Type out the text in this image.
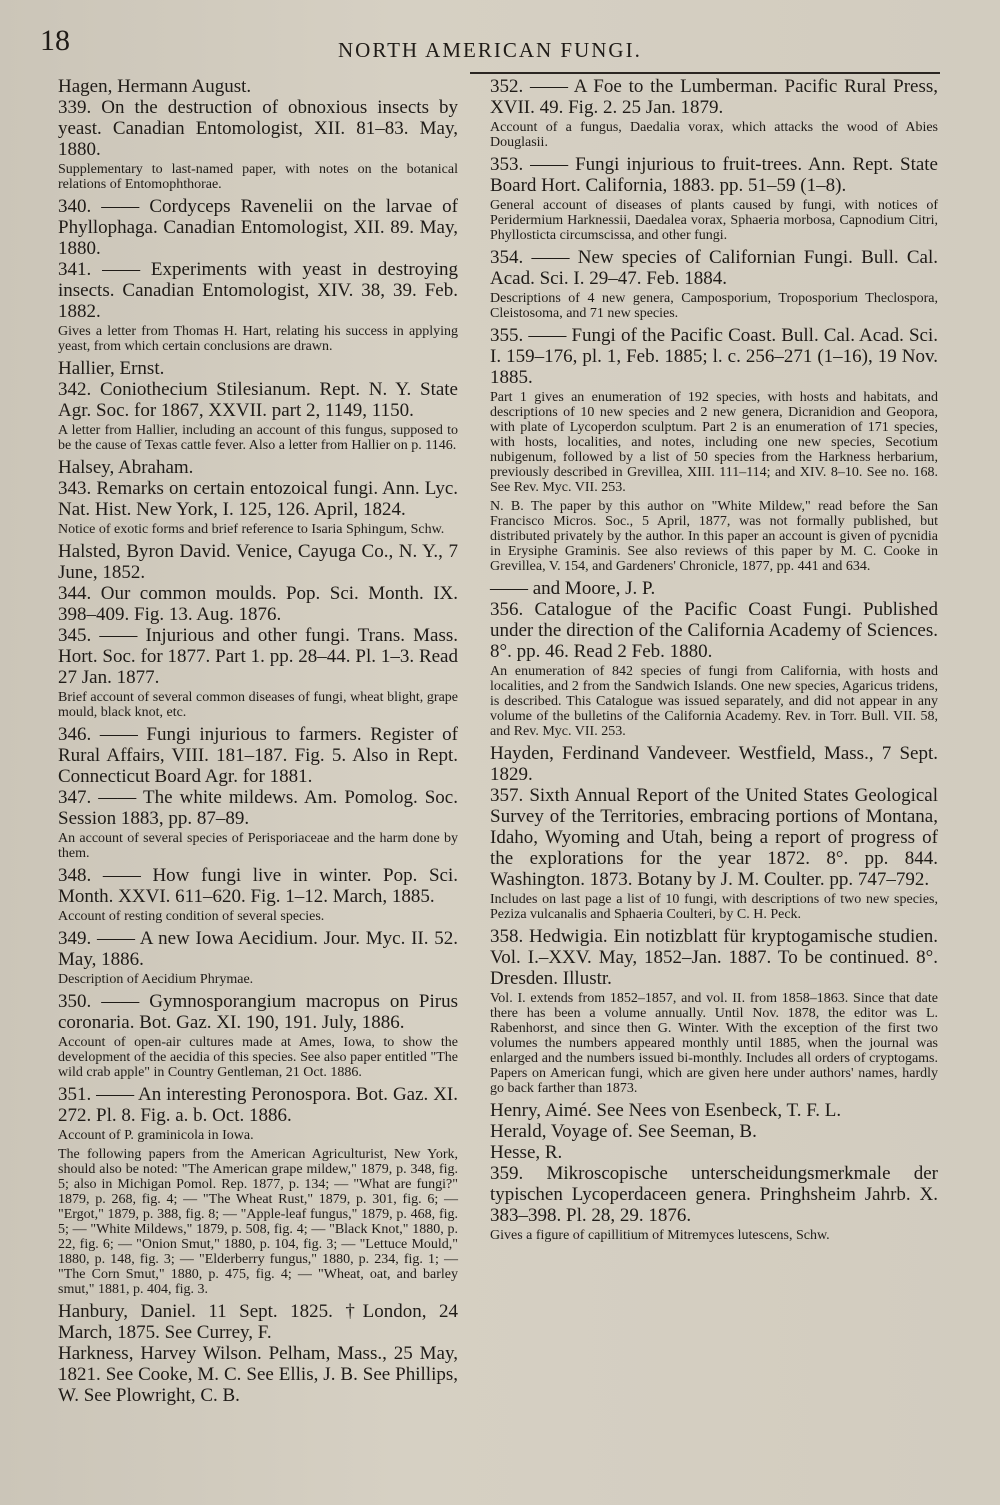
18	NORTH AMERICAN FUNGI.

Hagen, Hermann August.

339. On the destruction of obnoxious insects by yeast. Canadian Entomologist, XII. 81–83. May, 1880.

Supplementary to last-named paper, with notes on the botanical relations of Entomophthorae.

340. —— Cordyceps Ravenelii on the larvae of Phyllophaga. Canadian Entomologist, XII. 89. May, 1880.

341. —— Experiments with yeast in destroying insects. Canadian Entomologist, XIV. 38, 39. Feb. 1882.

Gives a letter from Thomas H. Hart, relating his success in applying yeast, from which certain conclusions are drawn.

Hallier, Ernst.

342. Coniothecium Stilesianum. Rept. N. Y. State Agr. Soc. for 1867, XXVII. part 2, 1149, 1150.

A letter from Hallier, including an account of this fungus, supposed to be the cause of Texas cattle fever. Also a letter from Hallier on p. 1146.

Halsey, Abraham.

343. Remarks on certain entozoical fungi. Ann. Lyc. Nat. Hist. New York, I. 125, 126. April, 1824.

Notice of exotic forms and brief reference to Isaria Sphingum, Schw.

Halsted, Byron David. Venice, Cayuga Co., N. Y., 7 June, 1852.

344. Our common moulds. Pop. Sci. Month. IX. 398–409. Fig. 13. Aug. 1876.

345. —— Injurious and other fungi. Trans. Mass. Hort. Soc. for 1877. Part 1. pp. 28–44. Pl. 1–3. Read 27 Jan. 1877.

Brief account of several common diseases of fungi, wheat blight, grape mould, black knot, etc.

346. —— Fungi injurious to farmers. Register of Rural Affairs, VIII. 181–187. Fig. 5. Also in Rept. Connecticut Board Agr. for 1881.

347. —— The white mildews. Am. Pomolog. Soc. Session 1883, pp. 87–89.

An account of several species of Perisporiaceae and the harm done by them.

348. —— How fungi live in winter. Pop. Sci. Month. XXVI. 611–620. Fig. 1–12. March, 1885.

Account of resting condition of several species.

349. —— A new Iowa Aecidium. Jour. Myc. II. 52. May, 1886.

Description of Aecidium Phrymae.

350. —— Gymnosporangium macropus on Pirus coronaria. Bot. Gaz. XI. 190, 191. July, 1886.

Account of open-air cultures made at Ames, Iowa, to show the development of the aecidia of this species. See also paper entitled "The wild crab apple" in Country Gentleman, 21 Oct. 1886.

351. —— An interesting Peronospora. Bot. Gaz. XI. 272. Pl. 8. Fig. a. b. Oct. 1886.

Account of P. graminicola in Iowa.

The following papers from the American Agriculturist, New York, should also be noted: "The American grape mildew," 1879, p. 348, fig. 5; also in Michigan Pomol. Rep. 1877, p. 134; — "What are fungi?" 1879, p. 268, fig. 4; — "The Wheat Rust," 1879, p. 301, fig. 6; — "Ergot," 1879, p. 388, fig. 8; — "Apple-leaf fungus," 1879, p. 468, fig. 5; — "White Mildews," 1879, p. 508, fig. 4; — "Black Knot," 1880, p. 22, fig. 6; — "Onion Smut," 1880, p. 104, fig. 3; — "Lettuce Mould," 1880, p. 148, fig. 3; — "Elderberry fungus," 1880, p. 234, fig. 1; — "The Corn Smut," 1880, p. 475, fig. 4; — "Wheat, oat, and barley smut," 1881, p. 404, fig. 3.

Hanbury, Daniel. 11 Sept. 1825. †London, 24 March, 1875. See Currey, F.

Harkness, Harvey Wilson. Pelham, Mass., 25 May, 1821. See Cooke, M. C. See Ellis, J. B. See Phillips, W. See Plowright, C. B.

352. —— A Foe to the Lumberman. Pacific Rural Press, XVII. 49. Fig. 2. 25 Jan. 1879.

Account of a fungus, Daedalia vorax, which attacks the wood of Abies Douglasii.

353. —— Fungi injurious to fruit-trees. Ann. Rept. State Board Hort. California, 1883. pp. 51–59 (1–8).

General account of diseases of plants caused by fungi, with notices of Peridermium Harknessii, Daedalea vorax, Sphaeria morbosa, Capnodium Citri, Phyllosticta circumscissa, and other fungi.

354. —— New species of Californian Fungi. Bull. Cal. Acad. Sci. I. 29–47. Feb. 1884.

Descriptions of 4 new genera, Camposporium, Troposporium Theclospora, Cleistosoma, and 71 new species.

355. —— Fungi of the Pacific Coast. Bull. Cal. Acad. Sci. I. 159–176, pl. 1, Feb. 1885; l. c. 256–271 (1–16), 19 Nov. 1885.

Part 1 gives an enumeration of 192 species, with hosts and habitats, and descriptions of 10 new species and 2 new genera, Dicranidion and Geopora, with plate of Lycoperdon sculptum. Part 2 is an enumeration of 171 species, with hosts, localities, and notes, including one new species, Secotium nubigenum, followed by a list of 50 species from the Harkness herbarium, previously described in Grevillea, XIII. 111–114; and XIV. 8–10. See no. 168. See Rev. Myc. VII. 253.

N. B. The paper by this author on "White Mildew," read before the San Francisco Micros. Soc., 5 April, 1877, was not formally published, but distributed privately by the author. In this paper an account is given of pycnidia in Erysiphe Graminis. See also reviews of this paper by M. C. Cooke in Grevillea, V. 154, and Gardeners' Chronicle, 1877, pp. 441 and 634.

—— and Moore, J. P.

356. Catalogue of the Pacific Coast Fungi. Published under the direction of the California Academy of Sciences. 8°. pp. 46. Read 2 Feb. 1880.

An enumeration of 842 species of fungi from California, with hosts and localities, and 2 from the Sandwich Islands. One new species, Agaricus tridens, is described. This Catalogue was issued separately, and did not appear in any volume of the bulletins of the California Academy. Rev. in Torr. Bull. VII. 58, and Rev. Myc. VII. 253.

Hayden, Ferdinand Vandeveer. Westfield, Mass., 7 Sept. 1829.

357. Sixth Annual Report of the United States Geological Survey of the Territories, embracing portions of Montana, Idaho, Wyoming and Utah, being a report of progress of the explorations for the year 1872. 8°. pp. 844. Washington. 1873. Botany by J. M. Coulter. pp. 747–792.

Includes on last page a list of 10 fungi, with descriptions of two new species, Peziza vulcanalis and Sphaeria Coulteri, by C. H. Peck.

358. Hedwigia. Ein notizblatt für kryptogamische studien. Vol. I.–XXV. May, 1852–Jan. 1887. To be continued. 8°. Dresden. Illustr.

Vol. I. extends from 1852–1857, and vol. II. from 1858–1863. Since that date there has been a volume annually. Until Nov. 1878, the editor was L. Rabenhorst, and since then G. Winter. With the exception of the first two volumes the numbers appeared monthly until 1885, when the journal was enlarged and the numbers issued bi-monthly. Includes all orders of cryptogams. Papers on American fungi, which are given here under authors' names, hardly go back farther than 1873.

Henry, Aimé. See Nees von Esenbeck, T. F. L.

Herald, Voyage of. See Seeman, B.

Hesse, R.

359. Mikroscopische unterscheidungsmerkmale der typischen Lycoperdaceen genera. Pringhsheim Jahrb. X. 383–398. Pl. 28, 29. 1876.

Gives a figure of capillitium of Mitremyces lutescens, Schw.
